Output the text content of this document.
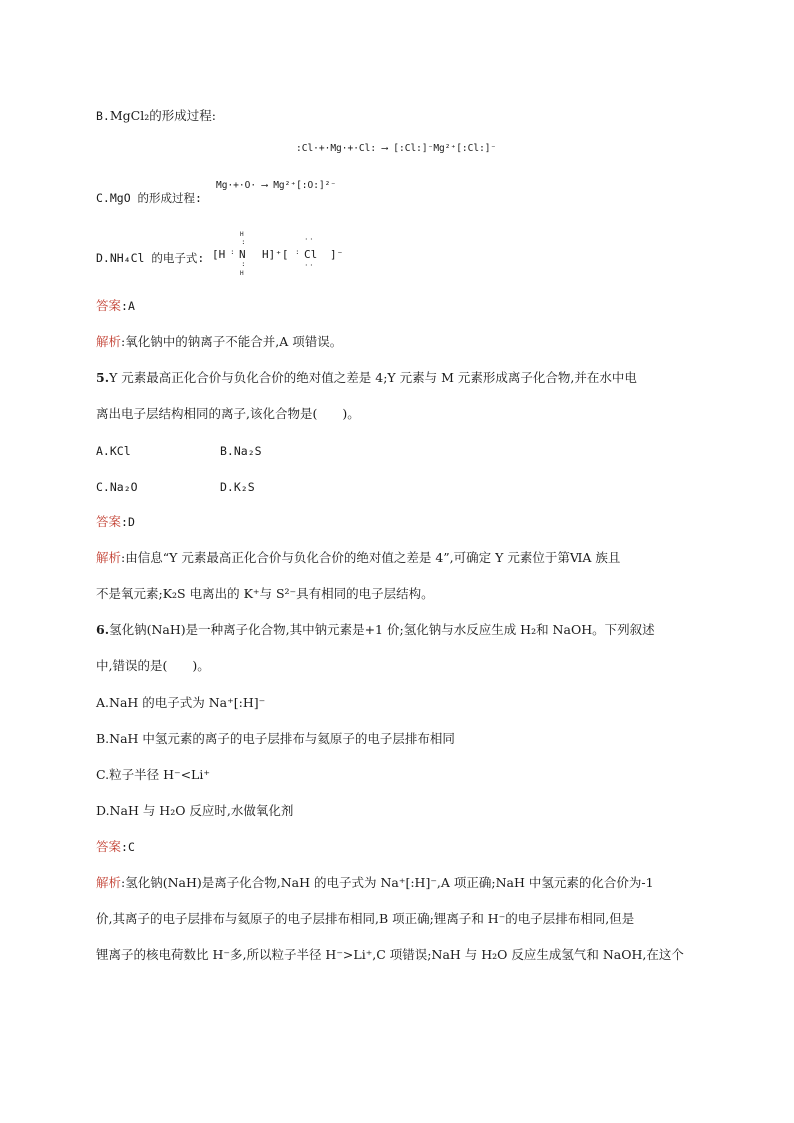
B.MgCl₂的形成过程:
:Cl·+·Mg·+·Cl: ⟶ [:Cl:]⁻Mg²⁺[:Cl:]⁻
C.MgO 的形成过程:
Mg·+·O· ⟶ Mg²⁺[:O:]²⁻
D.NH₄Cl 的电子式: [H :
H
:
N
:
H
H]⁺[ :
· ·
Cl
· ·
]⁻
答案:A
解析:氧化钠中的钠离子不能合并,A 项错误。
5.Y 元素最高正化合价与负化合价的绝对值之差是 4;Y 元素与 M 元素形成离子化合物,并在水中电
离出电子层结构相同的离子,该化合物是(　　)。
A.KCl	B.Na₂S
C.Na₂O	D.K₂S
答案:D
解析:由信息“Y 元素最高正化合价与负化合价的绝对值之差是 4”,可确定 Y 元素位于第ⅥA 族且
不是氧元素;K₂S 电离出的 K⁺与 S²⁻具有相同的电子层结构。
6.氢化钠(NaH)是一种离子化合物,其中钠元素是+1 价;氢化钠与水反应生成 H₂和 NaOH。下列叙述
中,错误的是(　　)。
A.NaH 的电子式为 Na⁺[:H]⁻
B.NaH 中氢元素的离子的电子层排布与氦原子的电子层排布相同
C.粒子半径 H⁻<Li⁺
D.NaH 与 H₂O 反应时,水做氧化剂
答案:C
解析:氢化钠(NaH)是离子化合物,NaH 的电子式为 Na⁺[:H]⁻,A 项正确;NaH 中氢元素的化合价为-1
价,其离子的电子层排布与氦原子的电子层排布相同,B 项正确;锂离子和 H⁻的电子层排布相同,但是
锂离子的核电荷数比 H⁻多,所以粒子半径 H⁻>Li⁺,C 项错误;NaH 与 H₂O 反应生成氢气和 NaOH,在这个
